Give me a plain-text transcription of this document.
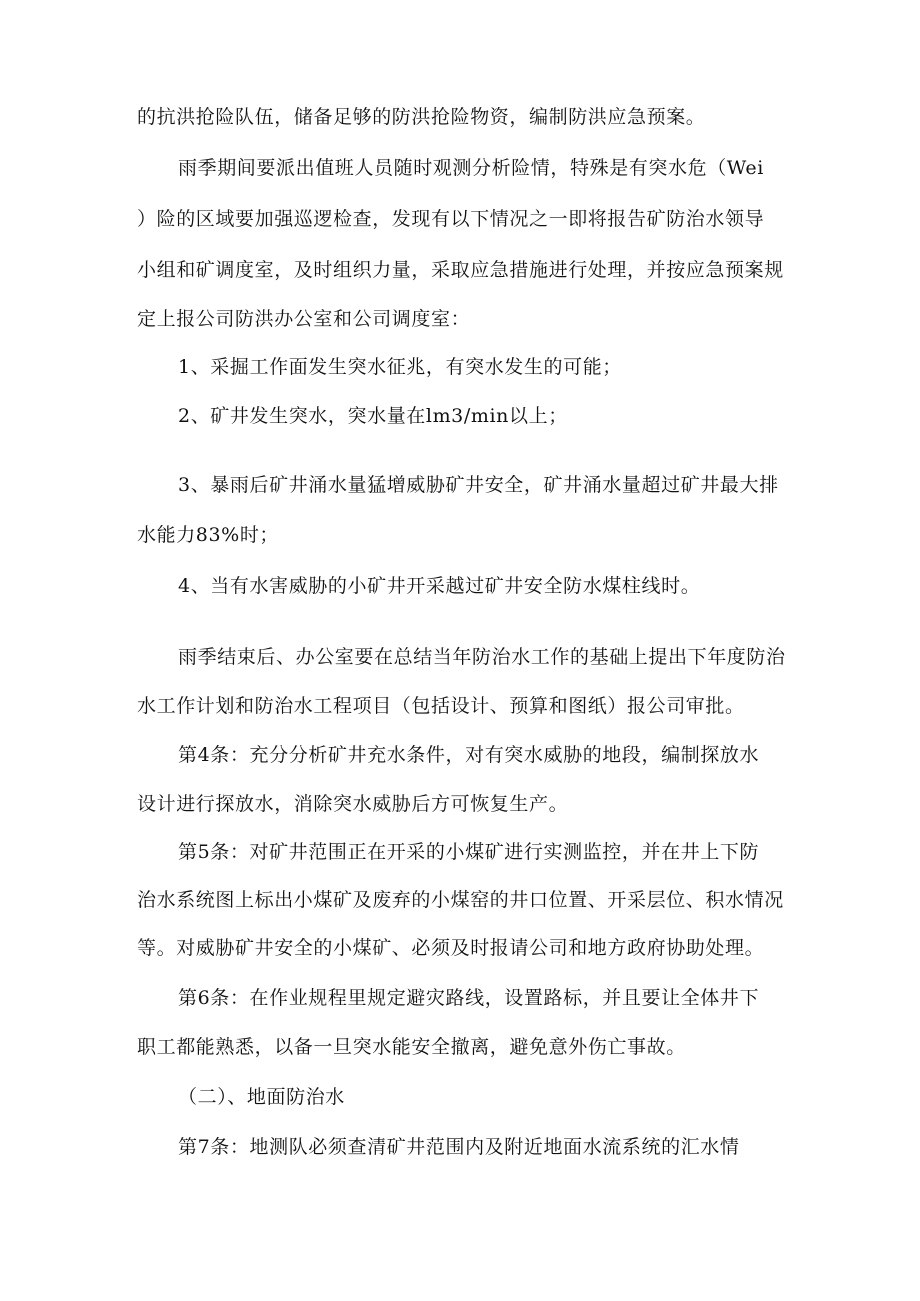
的抗洪抢险队伍，储备足够的防洪抢险物资，编制防洪应急预案。
雨季期间要派出值班人员随时观测分析险情，特殊是有突水危（Wei
）险的区域要加强巡逻检查，发现有以下情况之一即将报告矿防治水领导
小组和矿调度室，及时组织力量，采取应急措施进行处理，并按应急预案规
定上报公司防洪办公室和公司调度室：
1、采掘工作面发生突水征兆，有突水发生的可能；
2、矿井发生突水，突水量在lm3∕min以上；
3、暴雨后矿井涌水量猛增威胁矿井安全，矿井涌水量超过矿井最大排
水能力83%时；
4、当有水害威胁的小矿井开采越过矿井安全防水煤柱线时。
雨季结束后、办公室要在总结当年防治水工作的基础上提出下年度防治
水工作计划和防治水工程项目（包括设计、预算和图纸）报公司审批。
第4条：充分分析矿井充水条件，对有突水威胁的地段，编制探放水
设计进行探放水，消除突水威胁后方可恢复生产。
第5条：对矿井范围正在开采的小煤矿进行实测监控，并在井上下防
治水系统图上标出小煤矿及废弃的小煤窑的井口位置、开采层位、积水情况
等。对威胁矿井安全的小煤矿、必须及时报请公司和地方政府协助处理。
第6条：在作业规程里规定避灾路线，设置路标，并且要让全体井下
职工都能熟悉，以备一旦突水能安全撤离，避免意外伤亡事故。
（二）、地面防治水
第7条：地测队必须查清矿井范围内及附近地面水流系统的汇水情
